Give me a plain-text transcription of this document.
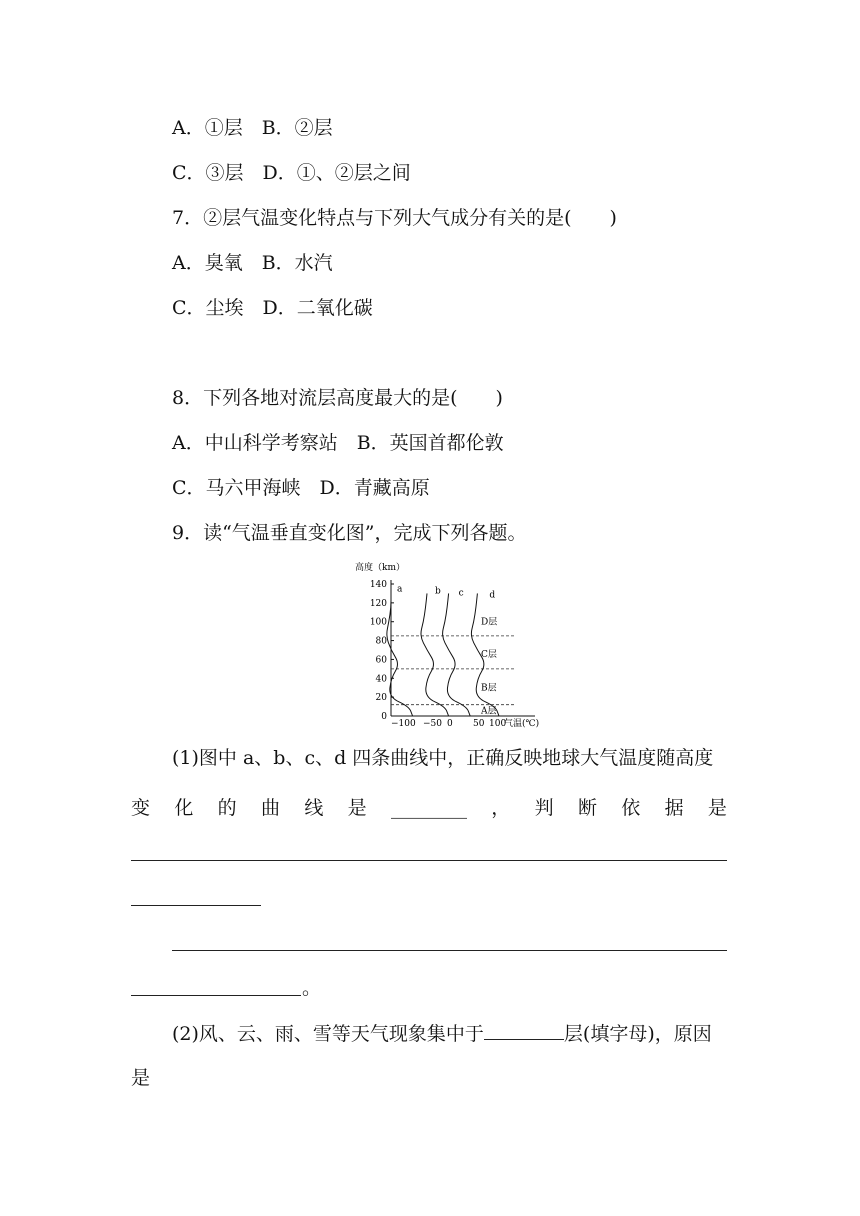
A．①层　B．②层
C．③层　D．①、②层之间
7．②层气温变化特点与下列大气成分有关的是(　　)
A．臭氧　B．水汽
C．尘埃　D．二氧化碳
8．下列各地对流层高度最大的是(　　)
A．中山科学考察站　B．英国首都伦敦
C．马六甲海峡　D．青藏高原
9．读“气温垂直变化图”，完成下列各题。
高度（km）
140
120
100
80
60
40
20
0
−100 −50 0 50 100
气温(℃)
A层
B层
C层
D层
a	b c	d
(1)图中 a、b、c、d 四条曲线中，正确反映地球大气温度随高度
变 化 的 曲 线 是 ________ ， 判 断 依 据 是
。
(2)风、云、雨、雪等天气现象集中于	层(填字母)，原因
是
